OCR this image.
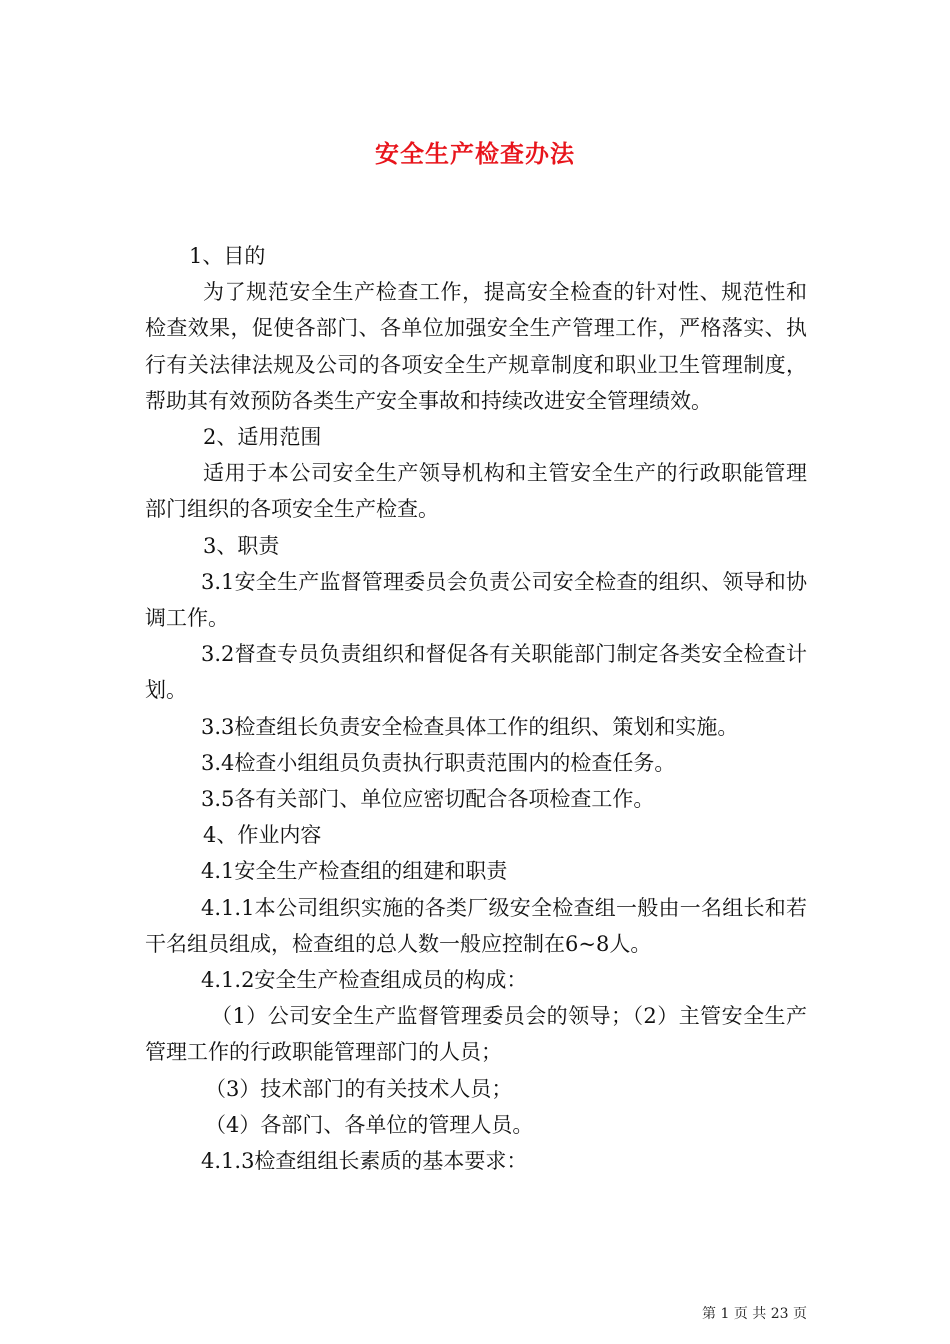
安全生产检查办法

1、目的

为了规范安全生产检查工作，提高安全检查的针对性、规范性和检查效果，促使各部门、各单位加强安全生产管理工作，严格落实、执行有关法律法规及公司的各项安全生产规章制度和职业卫生管理制度，帮助其有效预防各类生产安全事故和持续改进安全管理绩效。

2、适用范围

适用于本公司安全生产领导机构和主管安全生产的行政职能管理部门组织的各项安全生产检查。

3、职责

3.1安全生产监督管理委员会负责公司安全检查的组织、领导和协调工作。

3.2督查专员负责组织和督促各有关职能部门制定各类安全检查计划。

3.3检查组长负责安全检查具体工作的组织、策划和实施。

3.4检查小组组员负责执行职责范围内的检查任务。

3.5各有关部门、单位应密切配合各项检查工作。

4、作业内容

4.1安全生产检查组的组建和职责

4.1.1本公司组织实施的各类厂级安全检查组一般由一名组长和若干名组员组成，检查组的总人数一般应控制在6~8人。

4.1.2安全生产检查组成员的构成：

（1）公司安全生产监督管理委员会的领导；（2）主管安全生产管理工作的行政职能管理部门的人员；

（3）技术部门的有关技术人员；

（4）各部门、各单位的管理人员。

4.1.3检查组组长素质的基本要求：

第 1 页 共 23 页
